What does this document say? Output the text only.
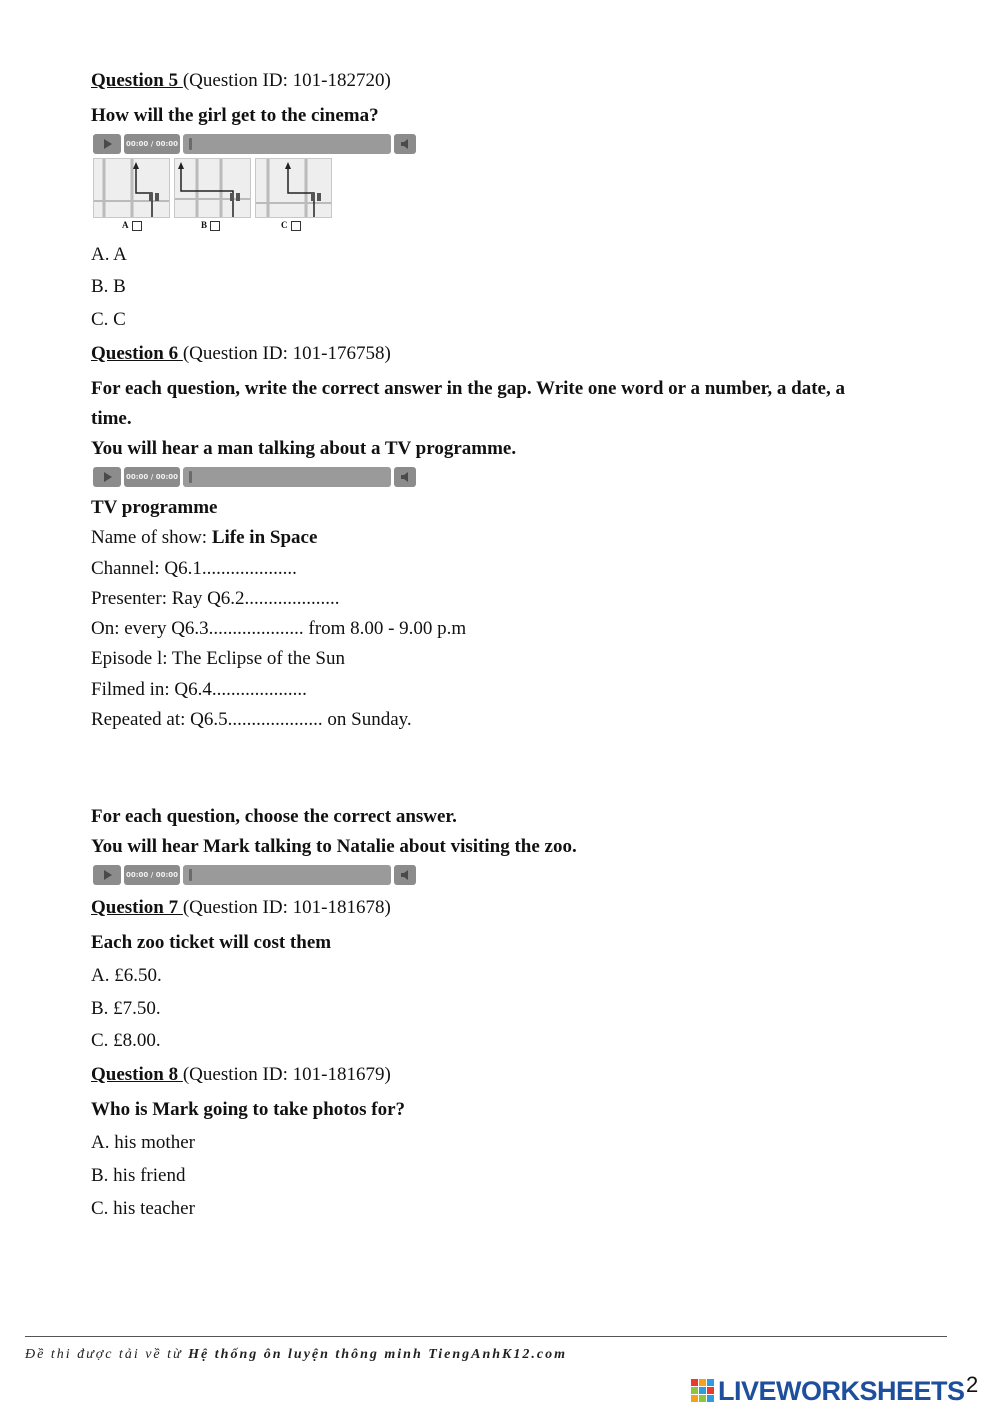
Question 5 (Question ID: 101-182720)
How will the girl get to the cinema?
00:00 / 00:00
A	B	C
A. A
B. B
C. C
Question 6 (Question ID: 101-176758)
For each question, write the correct answer in the gap. Write one word or a number, a date, a
time.
You will hear a man talking about a TV programme.
00:00 / 00:00
TV programme
Name of show: Life in Space
Channel: Q6.1....................
Presenter: Ray Q6.2....................
On: every Q6.3.................... from 8.00 - 9.00 p.m
Episode l: The Eclipse of the Sun
Filmed in: Q6.4....................
Repeated at: Q6.5.................... on Sunday.
For each question, choose the correct answer.
You will hear Mark talking to Natalie about visiting the zoo.
00:00 / 00:00
Question 7 (Question ID: 101-181678)
Each zoo ticket will cost them
A. £6.50.
B. £7.50.
C. £8.00.
Question 8 (Question ID: 101-181679)
Who is Mark going to take photos for?
A. his mother
B. his friend
C. his teacher
Đề thi được tải về từ Hệ thống ôn luyện thông minh TiengAnhK12.com
LIVEWORKSHEETS 2
